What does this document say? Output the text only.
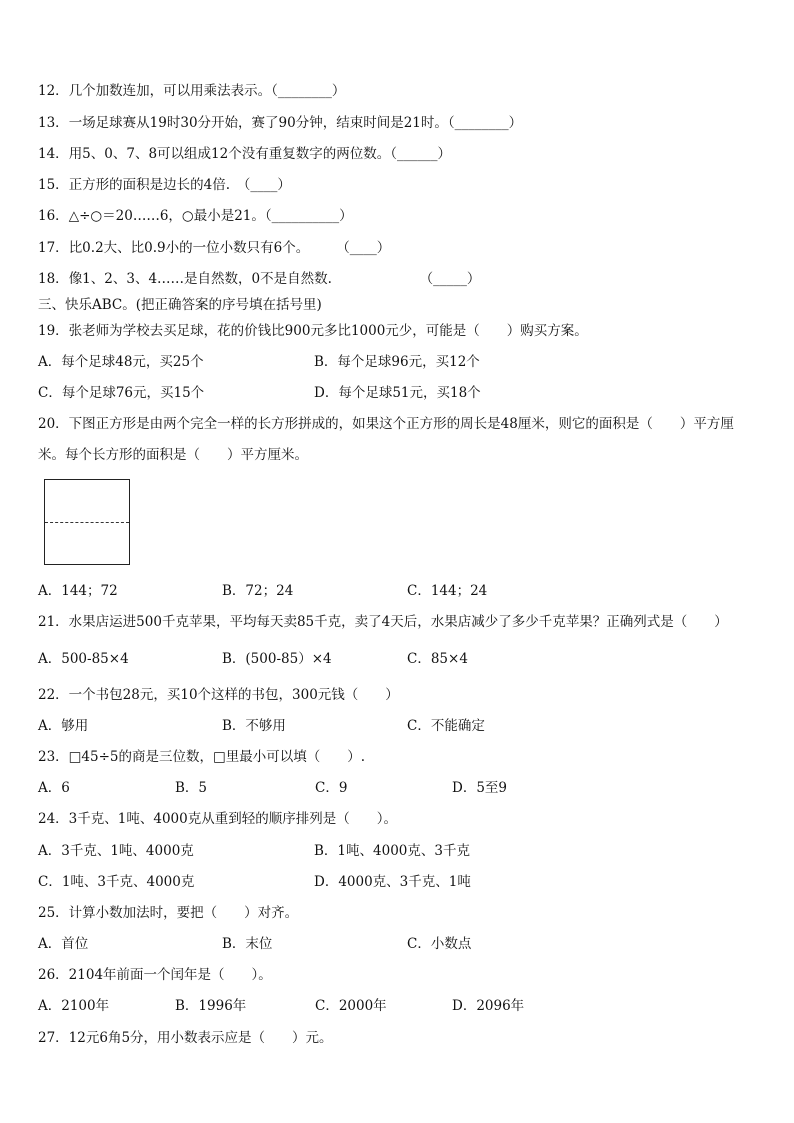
12．几个加数连加，可以用乘法表示。（________）
13．一场足球赛从19时30分开始，赛了90分钟，结束时间是21时。（________）
14．用5、0、7、8可以组成12个没有重复数字的两位数。（______）
15．正方形的面积是边长的4倍.　（____）
16．△÷○＝20……6，○最小是21。（__________）
17．比0.2大、比0.9小的一位小数只有6个。　　　（____）
18．像1、2、3、4……是自然数，0不是自然数.　　　　　　　（_____）
三、快乐ABC。(把正确答案的序号填在括号里)
19．张老师为学校去买足球，花的价钱比900元多比1000元少，可能是（　　）购买方案。
A．每个足球48元，买25个	B．每个足球96元，买12个
C．每个足球76元，买15个	D．每个足球51元，买18个
20．下图正方形是由两个完全一样的长方形拼成的，如果这个正方形的周长是48厘米，则它的面积是（　　）平方厘
米。每个长方形的面积是（　　）平方厘米。
A．144；72	B．72；24	C．144；24
21．水果店运进500千克苹果，平均每天卖85千克，卖了4天后，水果店减少了多少千克苹果？正确列式是（　　）
A．500-85×4	B．(500-85）×4	C．85×4
22．一个书包28元，买10个这样的书包，300元钱（　　）
A．够用	B．不够用	C．不能确定
23．□45÷5的商是三位数，□里最小可以填（　　）.
A．6	B．5	C．9	D．5至9
24．3千克、1吨、4000克从重到轻的顺序排列是（　　）。
A．3千克、1吨、4000克	B．1吨、4000克、3千克
C．1吨、3千克、4000克	D．4000克、3千克、1吨
25．计算小数加法时，要把（　　）对齐。
A．首位	B．末位	C．小数点
26．2104年前面一个闰年是（　　）。
A．2100年	B．1996年	C．2000年	D．2096年
27．12元6角5分，用小数表示应是（　　）元。
